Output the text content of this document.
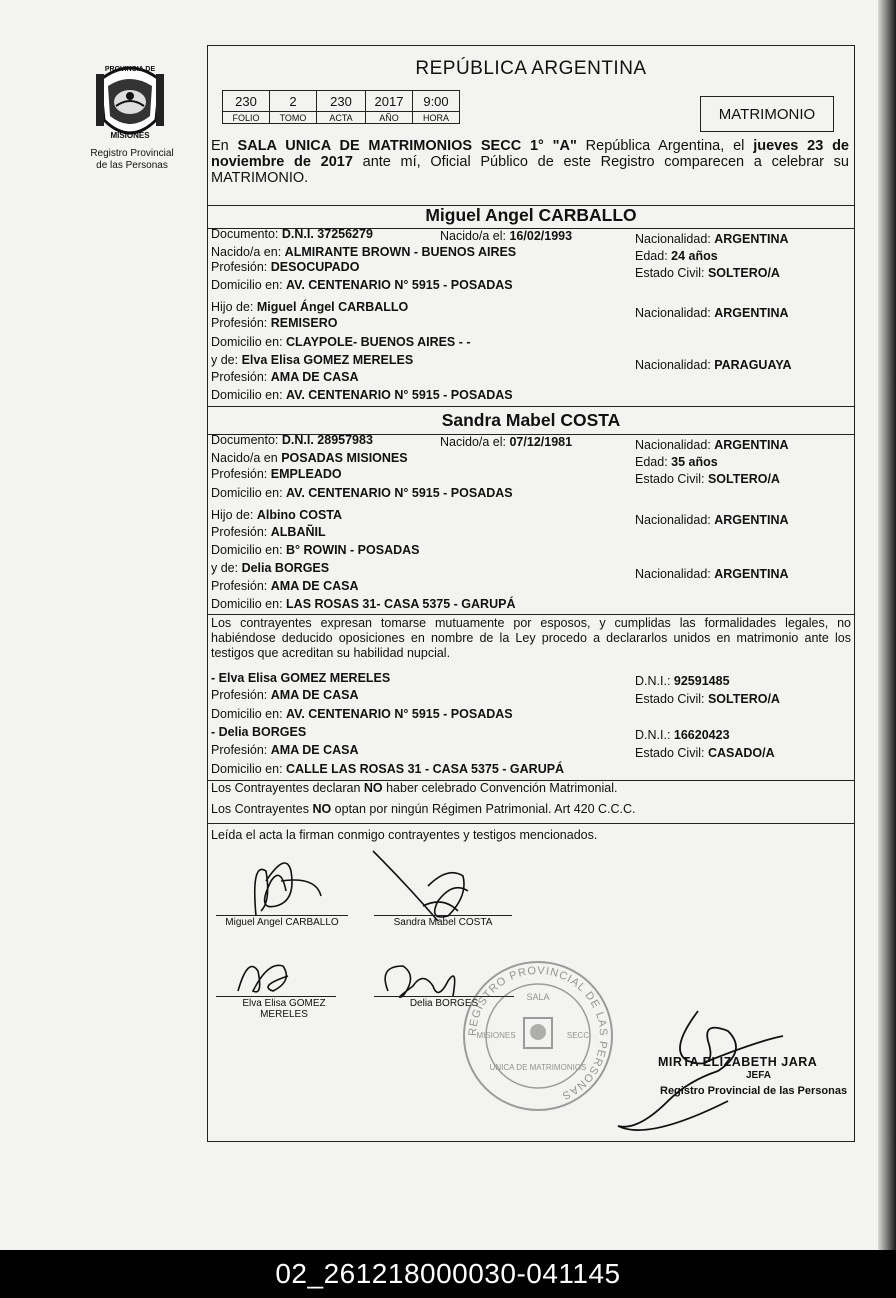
PROVINCIA DE
MISIONES
Registro Provincial
de las Personas
REPÚBLICA ARGENTINA
230	2	230	2017	9:00
FOLIO	TOMO	ACTA	AÑO	HORA	MATRIMONIO
En SALA UNICA DE MATRIMONIOS SECC 1° "A" República Argentina, el jueves 23 de noviembre de 2017 ante mí, Oficial Público de este Registro comparecen a celebrar su MATRIMONIO.
Miguel Angel CARBALLO
Documento: D.N.I. 37256279	Nacido/a el: 16/02/1993
Nacido/a en: ALMIRANTE BROWN - BUENOS AIRES
Profesión: DESOCUPADO
Domicilio en: AV. CENTENARIO N° 5915 - POSADAS
Nacionalidad: ARGENTINA
Edad: 24 años
Estado Civil: SOLTERO/A
Hijo de: Miguel Ángel CARBALLO
Profesión: REMISERO
Domicilio en: CLAYPOLE- BUENOS AIRES - -
Nacionalidad: ARGENTINA
y de: Elva Elisa GOMEZ MERELES
Profesión: AMA DE CASA
Domicilio en: AV. CENTENARIO N° 5915 - POSADAS
Nacionalidad: PARAGUAYA
Sandra Mabel COSTA
Documento: D.N.I. 28957983	Nacido/a el: 07/12/1981
Nacido/a en POSADAS MISIONES
Profesión: EMPLEADO
Domicilio en: AV. CENTENARIO N° 5915 - POSADAS
Nacionalidad: ARGENTINA
Edad: 35 años
Estado Civil: SOLTERO/A
Hijo de: Albino COSTA
Profesión: ALBAÑIL
Domicilio en: B° ROWIN - POSADAS
Nacionalidad: ARGENTINA
y de: Delia BORGES
Profesión: AMA DE CASA
Domicilio en: LAS ROSAS 31- CASA 5375 - GARUPÁ
Nacionalidad: ARGENTINA
Los contrayentes expresan tomarse mutuamente por esposos, y cumplidas las formalidades legales, no habiéndose deducido oposiciones en nombre de la Ley procedo a declararlos unidos en matrimonio ante los testigos que acreditan su habilidad nupcial.
- Elva Elisa GOMEZ MERELES
Profesión: AMA DE CASA
Domicilio en: AV. CENTENARIO N° 5915 - POSADAS
D.N.I.: 92591485
Estado Civil: SOLTERO/A
- Delia BORGES
Profesión: AMA DE CASA
Domicilio en: CALLE LAS ROSAS 31 - CASA 5375 - GARUPÁ
D.N.I.: 16620423
Estado Civil: CASADO/A
Los Contrayentes declaran NO haber celebrado Convención Matrimonial.
Los Contrayentes NO optan por ningún Régimen Patrimonial. Art 420 C.C.C.
Leída el acta la firman conmigo contrayentes y testigos mencionados.
Miguel Angel CARBALLO	Sandra Mabel COSTA
Elva Elisa GOMEZ
MERELES
Delia BORGES
REGISTRO PROVINCIAL DE LAS PERSONAS
SALA
UNICA DE MATRIMONIOS
SECC
MISIONES
MIRTA ELIZABETH JARA
JEFA
Registro Provincial de las Personas
02_261218000030-041145
